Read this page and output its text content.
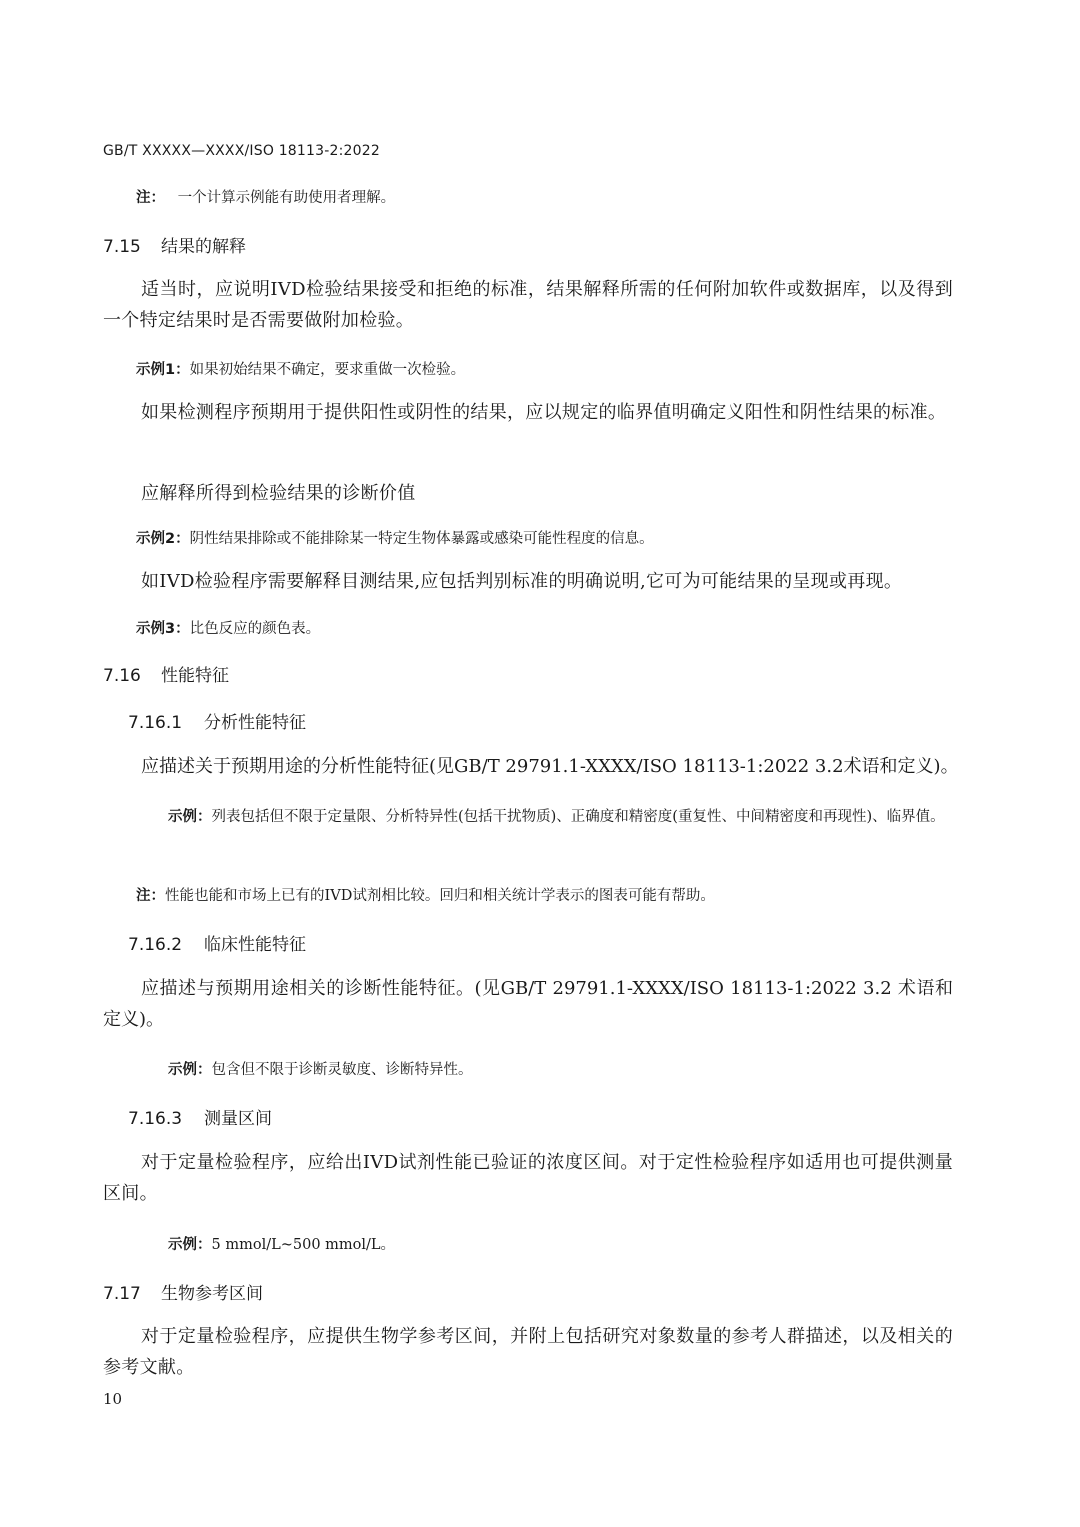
GB/T XXXXX—XXXX/ISO 18113-2:2022
注： 一个计算示例能有助使用者理解。
7.15 结果的解释
适当时，应说明IVD检验结果接受和拒绝的标准，结果解释所需的任何附加软件或数据库，以及得到一个特定结果时是否需要做附加检验。
示例1：如果初始结果不确定，要求重做一次检验。
如果检测程序预期用于提供阳性或阴性的结果，应以规定的临界值明确定义阳性和阴性结果的标准。
应解释所得到检验结果的诊断价值
示例2：阴性结果排除或不能排除某一特定生物体暴露或感染可能性程度的信息。
如IVD检验程序需要解释目测结果,应包括判别标准的明确说明,它可为可能结果的呈现或再现。
示例3：比色反应的颜色表。
7.16 性能特征
7.16.1 分析性能特征
应描述关于预期用途的分析性能特征(见GB/T 29791.1-XXXX/ISO 18113-1:2022 3.2术语和定义)。
示例：列表包括但不限于定量限、分析特异性(包括干扰物质)、正确度和精密度(重复性、中间精密度和再现性)、临界值。
注：性能也能和市场上已有的IVD试剂相比较。回归和相关统计学表示的图表可能有帮助。
7.16.2 临床性能特征
应描述与预期用途相关的诊断性能特征。(见GB/T 29791.1-XXXX/ISO 18113-1:2022 3.2 术语和定义)。
示例：包含但不限于诊断灵敏度、诊断特异性。
7.16.3 测量区间
对于定量检验程序，应给出IVD试剂性能已验证的浓度区间。对于定性检验程序如适用也可提供测量区间。
示例：5 mmol/L~500 mmol/L。
7.17 生物参考区间
对于定量检验程序，应提供生物学参考区间，并附上包括研究对象数量的参考人群描述，以及相关的参考文献。
10
